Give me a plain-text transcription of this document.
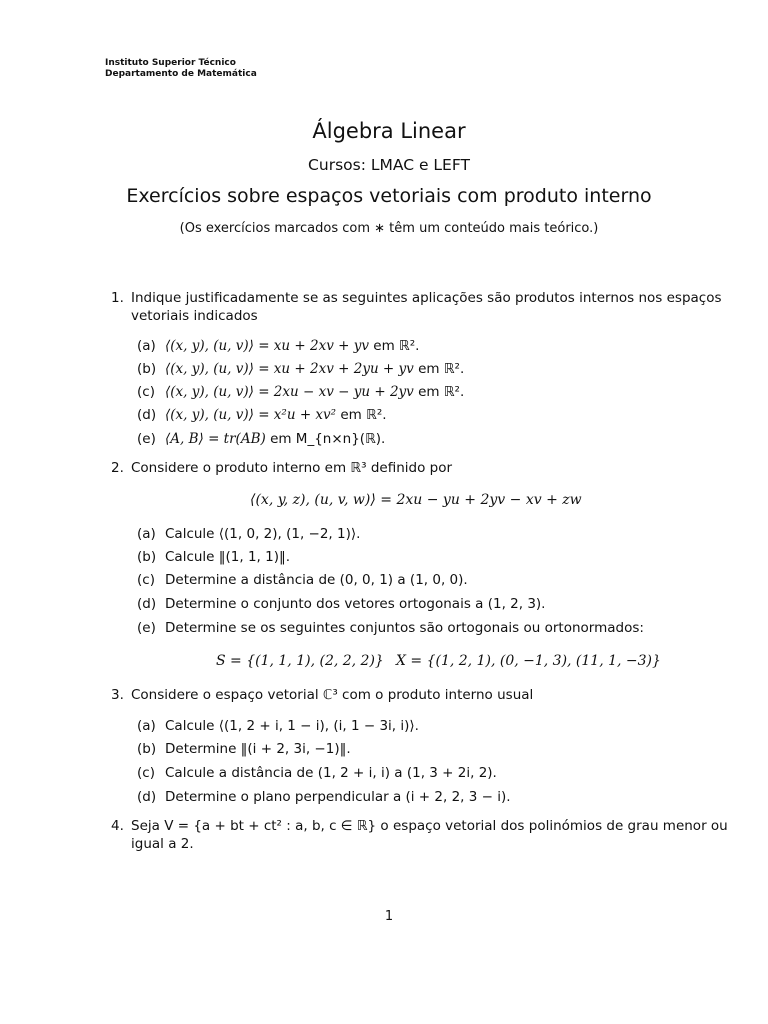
Instituto Superior Técnico
Departamento de Matemática
Álgebra Linear
Cursos: LMAC e LEFT
Exercícios sobre espaços vetoriais com produto interno
(Os exercícios marcados com ∗ têm um conteúdo mais teórico.)
1. Indique justificadamente se as seguintes aplicações são produtos internos nos espaços
vetoriais indicados
(a) ⟨(x, y), (u, v)⟩ = xu + 2xv + yv em ℝ².
(b) ⟨(x, y), (u, v)⟩ = xu + 2xv + 2yu + yv em ℝ².
(c) ⟨(x, y), (u, v)⟩ = 2xu − xv − yu + 2yv em ℝ².
(d) ⟨(x, y), (u, v)⟩ = x²u + xv² em ℝ².
(e) ⟨A, B⟩ = tr(AB) em M_{n×n}(ℝ).
2. Considere o produto interno em ℝ³ definido por
⟨(x, y, z), (u, v, w)⟩ = 2xu − yu + 2yv − xv + zw
(a) Calcule ⟨(1, 0, 2), (1, −2, 1)⟩.
(b) Calcule ‖(1, 1, 1)‖.
(c) Determine a distância de (0, 0, 1) a (1, 0, 0).
(d) Determine o conjunto dos vetores ortogonais a (1, 2, 3).
(e) Determine se os seguintes conjuntos são ortogonais ou ortonormados:
S = {(1, 1, 1), (2, 2, 2)} X = {(1, 2, 1), (0, −1, 3), (11, 1, −3)}
3. Considere o espaço vetorial ℂ³ com o produto interno usual
(a) Calcule ⟨(1, 2 + i, 1 − i), (i, 1 − 3i, i)⟩.
(b) Determine ‖(i + 2, 3i, −1)‖.
(c) Calcule a distância de (1, 2 + i, i) a (1, 3 + 2i, 2).
(d) Determine o plano perpendicular a (i + 2, 2, 3 − i).
4. Seja V = {a + bt + ct² : a, b, c ∈ ℝ} o espaço vetorial dos polinómios de grau menor ou
igual a 2.
1
